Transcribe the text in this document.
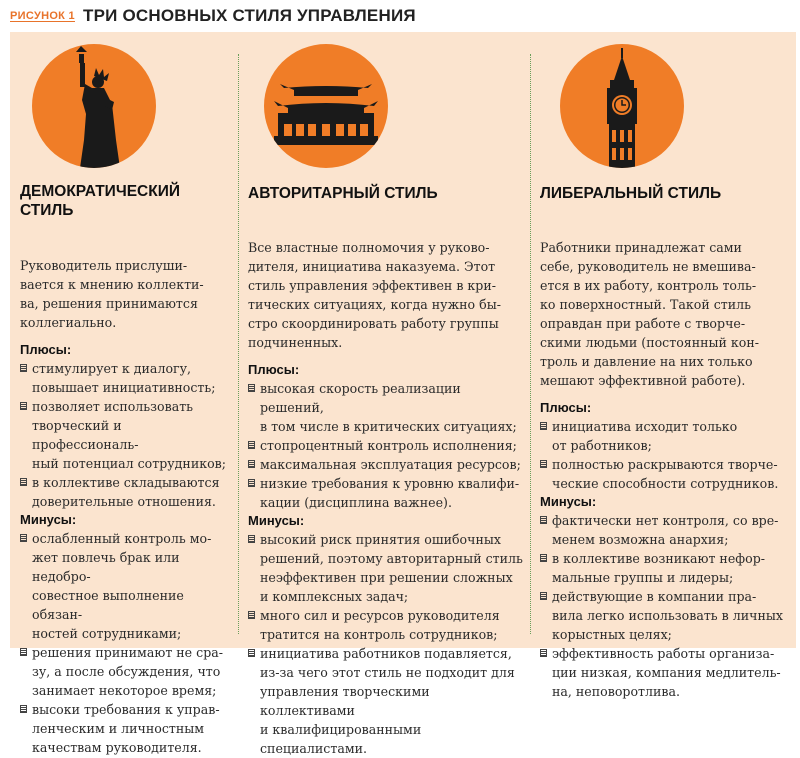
РИСУНОК 1 ТРИ ОСНОВНЫХ СТИЛЯ УПРАВЛЕНИЯ
ДЕМОКРАТИЧЕСКИЙ
СТИЛЬ
Руководитель прислуши-
вается к мнению коллекти-
ва, решения принимаются
коллегиально.
Плюсы:
стимулирует к диалогу,
повышает инициативность;
позволяет использовать
творческий и профессиональ-
ный потенциал сотрудников;
в коллективе складываются
доверительные отношения.
Минусы:
ослабленный контроль мо-
жет повлечь брак или недобро-
совестное выполнение обязан-
ностей сотрудниками;
решения принимают не сра-
зу, а после обсуждения, что
занимает некоторое время;
высоки требования к управ-
ленческим и личностным
качествам руководителя.
АВТОРИТАРНЫЙ СТИЛЬ
Все властные полномочия у руково-
дителя, инициатива наказуема. Этот
стиль управления эффективен в кри-
тических ситуациях, когда нужно бы-
стро скоординировать работу группы
подчиненных.
Плюсы:
высокая скорость реализации решений,
в том числе в критических ситуациях;
стопроцентный контроль исполнения;
максимальная эксплуатация ресурсов;
низкие требования к уровню квалифи-
кации (дисциплина важнее).
Минусы:
высокий риск принятия ошибочных
решений, поэтому авторитарный стиль
неэффективен при решении сложных
и комплексных задач;
много сил и ресурсов руководителя
тратится на контроль сотрудников;
инициатива работников подавляется,
из-за чего этот стиль не подходит для
управления творческими коллективами
и квалифицированными специалистами.
ЛИБЕРАЛЬНЫЙ СТИЛЬ
Работники принадлежат сами
себе, руководитель не вмешива-
ется в их работу, контроль толь-
ко поверхностный. Такой стиль
оправдан при работе с творче-
скими людьми (постоянный кон-
троль и давление на них только
мешают эффективной работе).
Плюсы:
инициатива исходит только
от работников;
полностью раскрываются творче-
ческие способности сотрудников.
Минусы:
фактически нет контроля, со вре-
менем возможна анархия;
в коллективе возникают нефор-
мальные группы и лидеры;
действующие в компании пра-
вила легко использовать в личных
корыстных целях;
эффективность работы организа-
ции низкая, компания медлитель-
на, неповоротлива.
